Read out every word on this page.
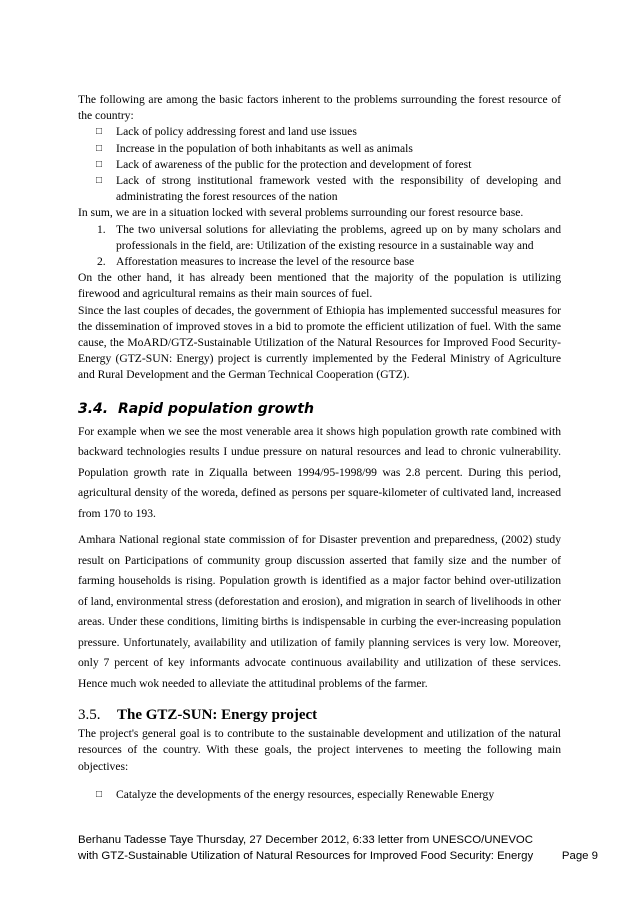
The following are among the basic factors inherent to the problems surrounding the forest resource of the country:

□ Lack of policy addressing forest and land use issues
□ Increase in the population of both inhabitants as well as animals
□ Lack of awareness of the public for the protection and development of forest
□ Lack of strong institutional framework vested with the responsibility of developing and administrating the forest resources of the nation

In sum, we are in a situation locked with several problems surrounding our forest resource base.

1. The two universal solutions for alleviating the problems, agreed up on by many scholars and professionals in the field, are: Utilization of the existing resource in a sustainable way and
2. Afforestation measures to increase the level of the resource base

On the other hand, it has already been mentioned that the majority of the population is utilizing firewood and agricultural remains as their main sources of fuel.

Since the last couples of decades, the government of Ethiopia has implemented successful measures for the dissemination of improved stoves in a bid to promote the efficient utilization of fuel. With the same cause, the MoARD/GTZ-Sustainable Utilization of the Natural Resources for Improved Food Security-Energy (GTZ-SUN: Energy) project is currently implemented by the Federal Ministry of Agriculture and Rural Development and the German Technical Cooperation (GTZ).

3.4. Rapid population growth

For example when we see the most venerable area it shows high population growth rate combined with backward technologies results I undue pressure on natural resources and lead to chronic vulnerability. Population growth rate in Ziqualla between 1994/95-1998/99 was 2.8 percent. During this period, agricultural density of the woreda, defined as persons per square-kilometer of cultivated land, increased from 170 to 193.

Amhara National regional state commission of for Disaster prevention and preparedness, (2002) study result on Participations of community group discussion asserted that family size and the number of farming households is rising. Population growth is identified as a major factor behind over-utilization of land, environmental stress (deforestation and erosion), and migration in search of livelihoods in other areas. Under these conditions, limiting births is indispensable in curbing the ever-increasing population pressure. Unfortunately, availability and utilization of family planning services is very low. Moreover, only 7 percent of key informants advocate continuous availability and utilization of these services. Hence much wok needed to alleviate the attitudinal problems of the farmer.

3.5. The GTZ-SUN: Energy project

The project's general goal is to contribute to the sustainable development and utilization of the natural resources of the country. With these goals, the project intervenes to meeting the following main objectives:

□ Catalyze the developments of the energy resources, especially Renewable Energy
Berhanu Tadesse Taye Thursday, 27 December 2012, 6:33 letter from UNESCO/UNEVOC
with GTZ-Sustainable Utilization of Natural Resources for Improved Food Security: Energy	Page 9
